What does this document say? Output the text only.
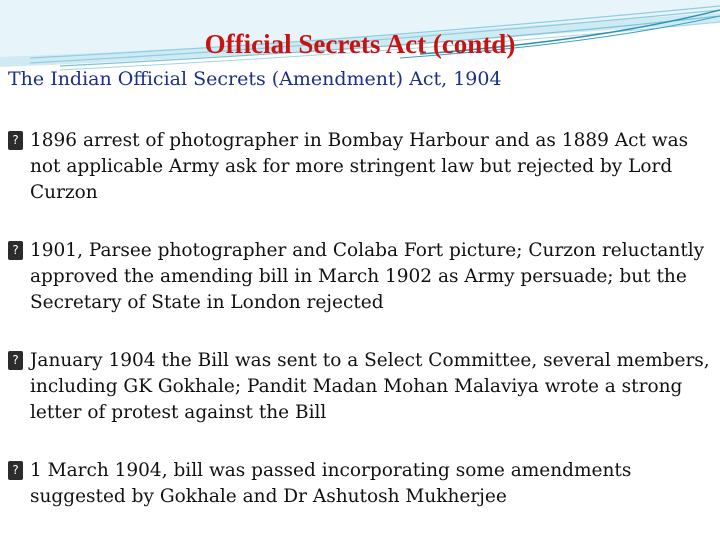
Official Secrets Act (contd)
The Indian Official Secrets (Amendment) Act, 1904
? 1896 arrest of photographer in Bombay Harbour and as 1889 Act was not applicable Army ask for more stringent law but rejected by Lord Curzon
? 1901, Parsee photographer and Colaba Fort picture; Curzon reluctantly approved the amending bill in March 1902 as Army persuade; but the Secretary of State in London rejected
? January 1904 the Bill was sent to a Select Committee, several members, including GK Gokhale; Pandit Madan Mohan Malaviya wrote a strong letter of protest against the Bill
? 1 March 1904, bill was passed incorporating some amendments suggested by Gokhale and Dr Ashutosh Mukherjee
